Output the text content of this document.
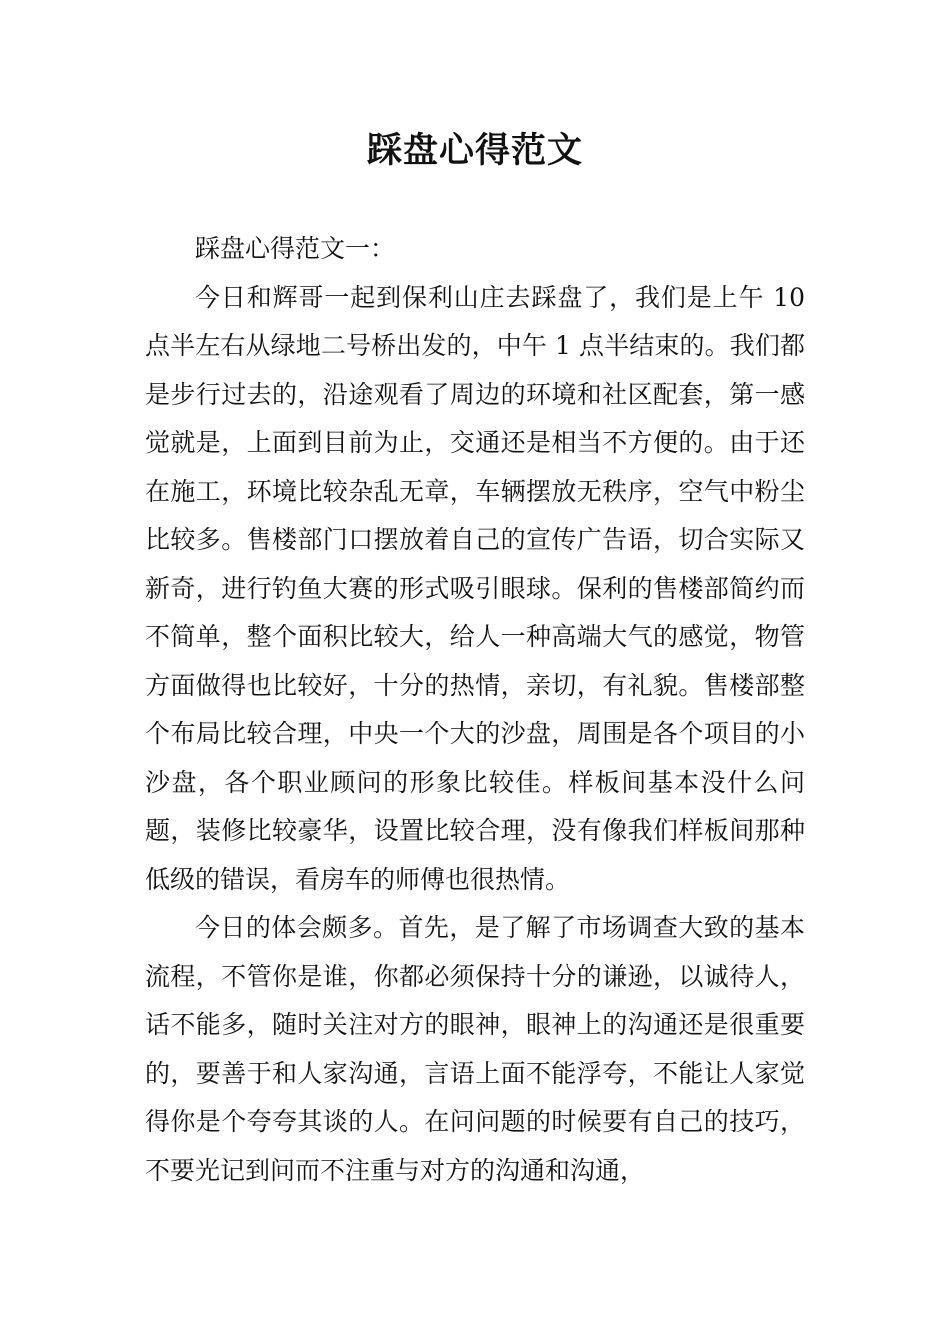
踩盘心得范文

踩盘心得范文一：

今日和辉哥一起到保利山庄去踩盘了，我们是上午 10 点半左右从绿地二号桥出发的，中午 1 点半结束的。我们都是步行过去的，沿途观看了周边的环境和社区配套，第一感觉就是，上面到目前为止，交通还是相当不方便的。由于还在施工，环境比较杂乱无章，车辆摆放无秩序，空气中粉尘比较多。售楼部门口摆放着自己的宣传广告语，切合实际又新奇，进行钓鱼大赛的形式吸引眼球。保利的售楼部简约而不简单，整个面积比较大，给人一种高端大气的感觉，物管方面做得也比较好，十分的热情，亲切，有礼貌。售楼部整个布局比较合理，中央一个大的沙盘，周围是各个项目的小沙盘，各个职业顾问的形象比较佳。样板间基本没什么问题，装修比较豪华，设置比较合理，没有像我们样板间那种低级的错误，看房车的师傅也很热情。

今日的体会颇多。首先，是了解了市场调查大致的基本流程，不管你是谁，你都必须保持十分的谦逊，以诚待人，话不能多，随时关注对方的眼神，眼神上的沟通还是很重要的，要善于和人家沟通，言语上面不能浮夸，不能让人家觉得你是个夸夸其谈的人。在问问题的时候要有自己的技巧，不要光记到问而不注重与对方的沟通和沟通，
